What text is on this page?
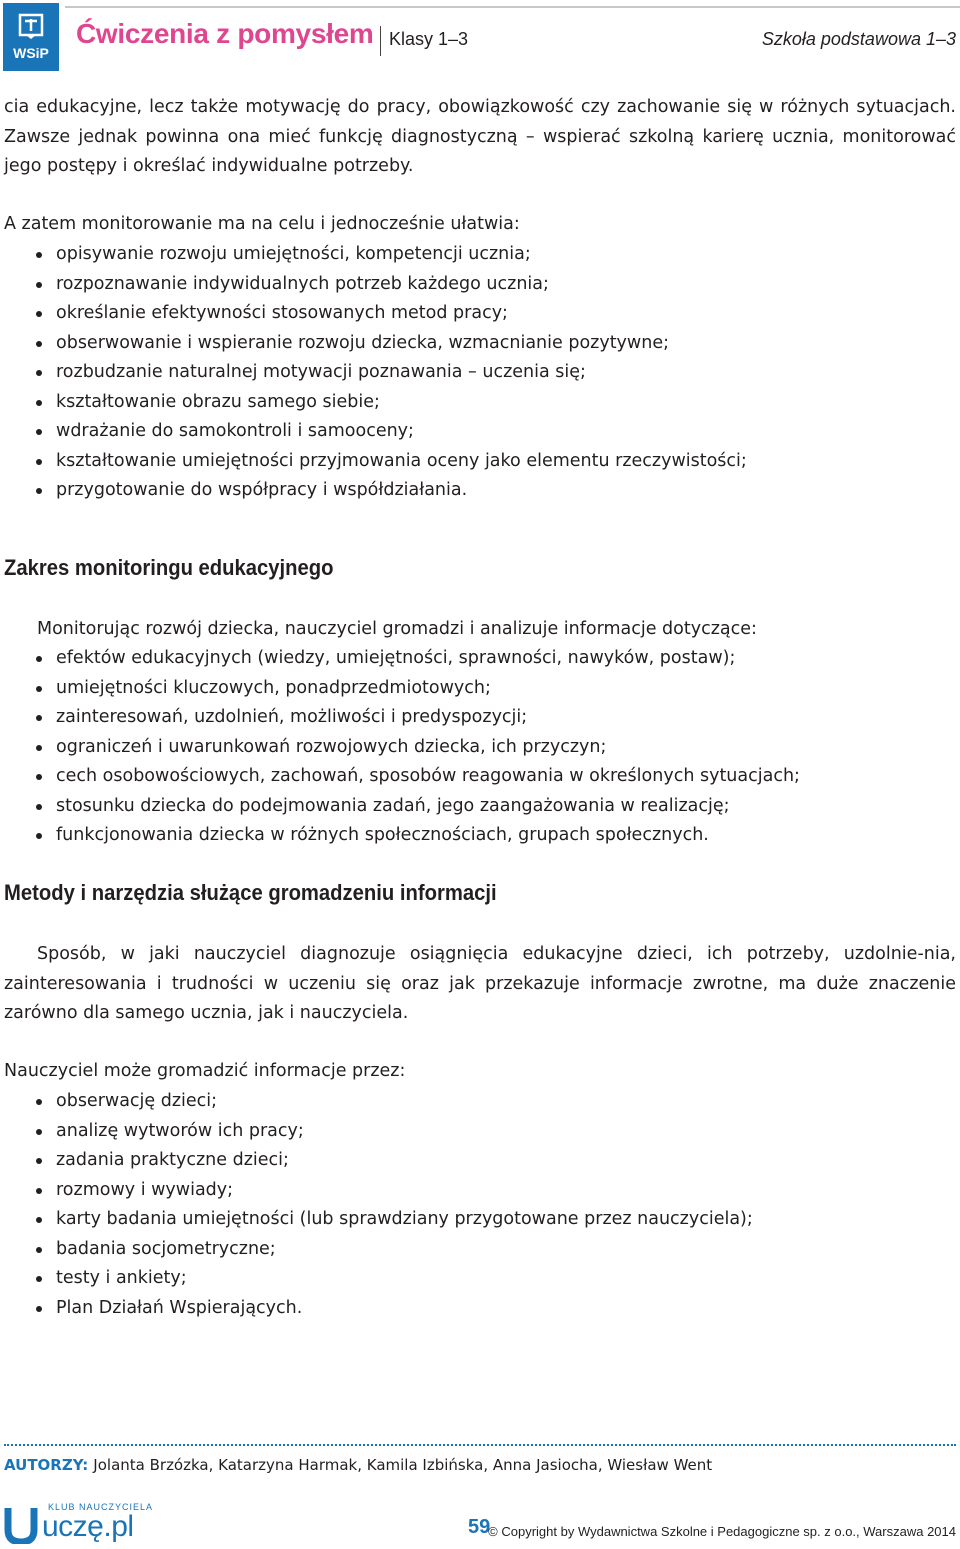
WSiP
Ćwiczenia z pomysłem Klasy 1–3	Szkoła podstawowa 1–3

cia edukacyjne, lecz także motywację do pracy, obowiązkowość czy zachowanie się w różnych sytuacjach. Zawsze jednak powinna ona mieć funkcję diagnostyczną – wspierać szkolną karierę ucznia, monitorować jego postępy i określać indywidualne potrzeby.

A zatem monitorowanie ma na celu i jednocześnie ułatwia:

opisywanie rozwoju umiejętności, kompetencji ucznia;
rozpoznawanie indywidualnych potrzeb każdego ucznia;
określanie efektywności stosowanych metod pracy;
obserwowanie i wspieranie rozwoju dziecka, wzmacnianie pozytywne;
rozbudzanie naturalnej motywacji poznawania – uczenia się;
kształtowanie obrazu samego siebie;
wdrażanie do samokontroli i samooceny;
kształtowanie umiejętności przyjmowania oceny jako elementu rzeczywistości;
przygotowanie do współpracy i współdziałania.
Zakres monitoringu edukacyjnego

Monitorując rozwój dziecka, nauczyciel gromadzi i analizuje informacje dotyczące:

efektów edukacyjnych (wiedzy, umiejętności, sprawności, nawyków, postaw);
umiejętności kluczowych, ponadprzedmiotowych;
zainteresowań, uzdolnień, możliwości i predyspozycji;
ograniczeń i uwarunkowań rozwojowych dziecka, ich przyczyn;
cech osobowościowych, zachowań, sposobów reagowania w określonych sytuacjach;
stosunku dziecka do podejmowania zadań, jego zaangażowania w realizację;
funkcjonowania dziecka w różnych społecznościach, grupach społecznych.
Metody i narzędzia służące gromadzeniu informacji

Sposób, w jaki nauczyciel diagnozuje osiągnięcia edukacyjne dzieci, ich potrzeby, uzdolnie-nia, zainteresowania i trudności w uczeniu się oraz jak przekazuje informacje zwrotne, ma duże znaczenie zarówno dla samego ucznia, jak i nauczyciela.

Nauczyciel może gromadzić informacje przez:

obserwację dzieci;
analizę wytworów ich pracy;
zadania praktyczne dzieci;
rozmowy i wywiady;
karty badania umiejętności (lub sprawdziany przygotowane przez nauczyciela);
badania socjometryczne;
testy i ankiety;
Plan Działań Wspierających.
AUTORZY: Jolanta Brzózka, Katarzyna Harmak, Kamila Izbińska, Anna Jasiocha, Wiesław Went
KLUB NAUCZYCIELA
uczę.pl	59
© Copyright by Wydawnictwa Szkolne i Pedagogiczne sp. z o.o., Warszawa 2014
